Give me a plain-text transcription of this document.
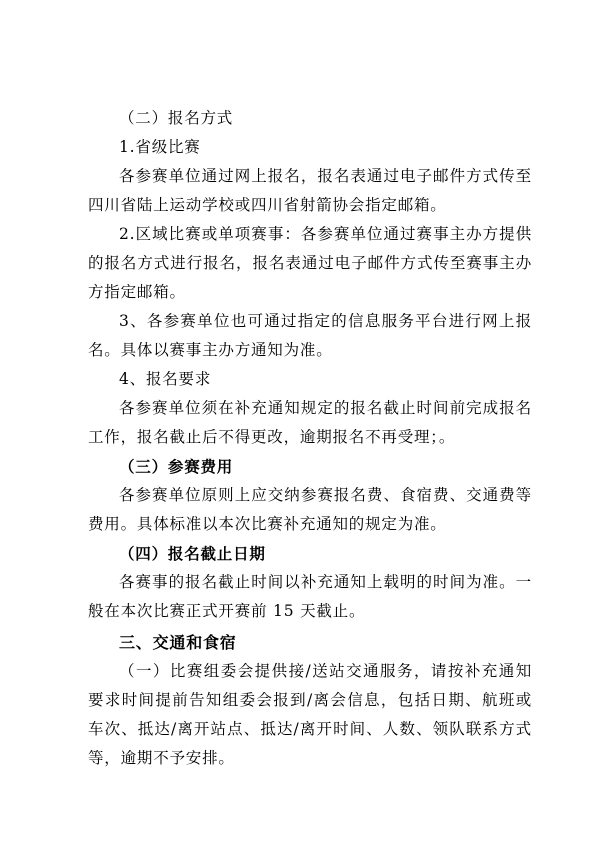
（二）报名方式

1.省级比赛

各参赛单位通过网上报名，报名表通过电子邮件方式传至四川省陆上运动学校或四川省射箭协会指定邮箱。

2.区域比赛或单项赛事：各参赛单位通过赛事主办方提供的报名方式进行报名，报名表通过电子邮件方式传至赛事主办方指定邮箱。

3、各参赛单位也可通过指定的信息服务平台进行网上报名。具体以赛事主办方通知为准。

4、报名要求

各参赛单位须在补充通知规定的报名截止时间前完成报名工作，报名截止后不得更改，逾期报名不再受理；。

（三）参赛费用

各参赛单位原则上应交纳参赛报名费、食宿费、交通费等费用。具体标准以本次比赛补充通知的规定为准。

（四）报名截止日期

各赛事的报名截止时间以补充通知上载明的时间为准。一般在本次比赛正式开赛前 15 天截止。

三、交通和食宿

（一）比赛组委会提供接/送站交通服务，请按补充通知要求时间提前告知组委会报到/离会信息，包括日期、航班或车次、抵达/离开站点、抵达/离开时间、人数、领队联系方式等，逾期不予安排。
